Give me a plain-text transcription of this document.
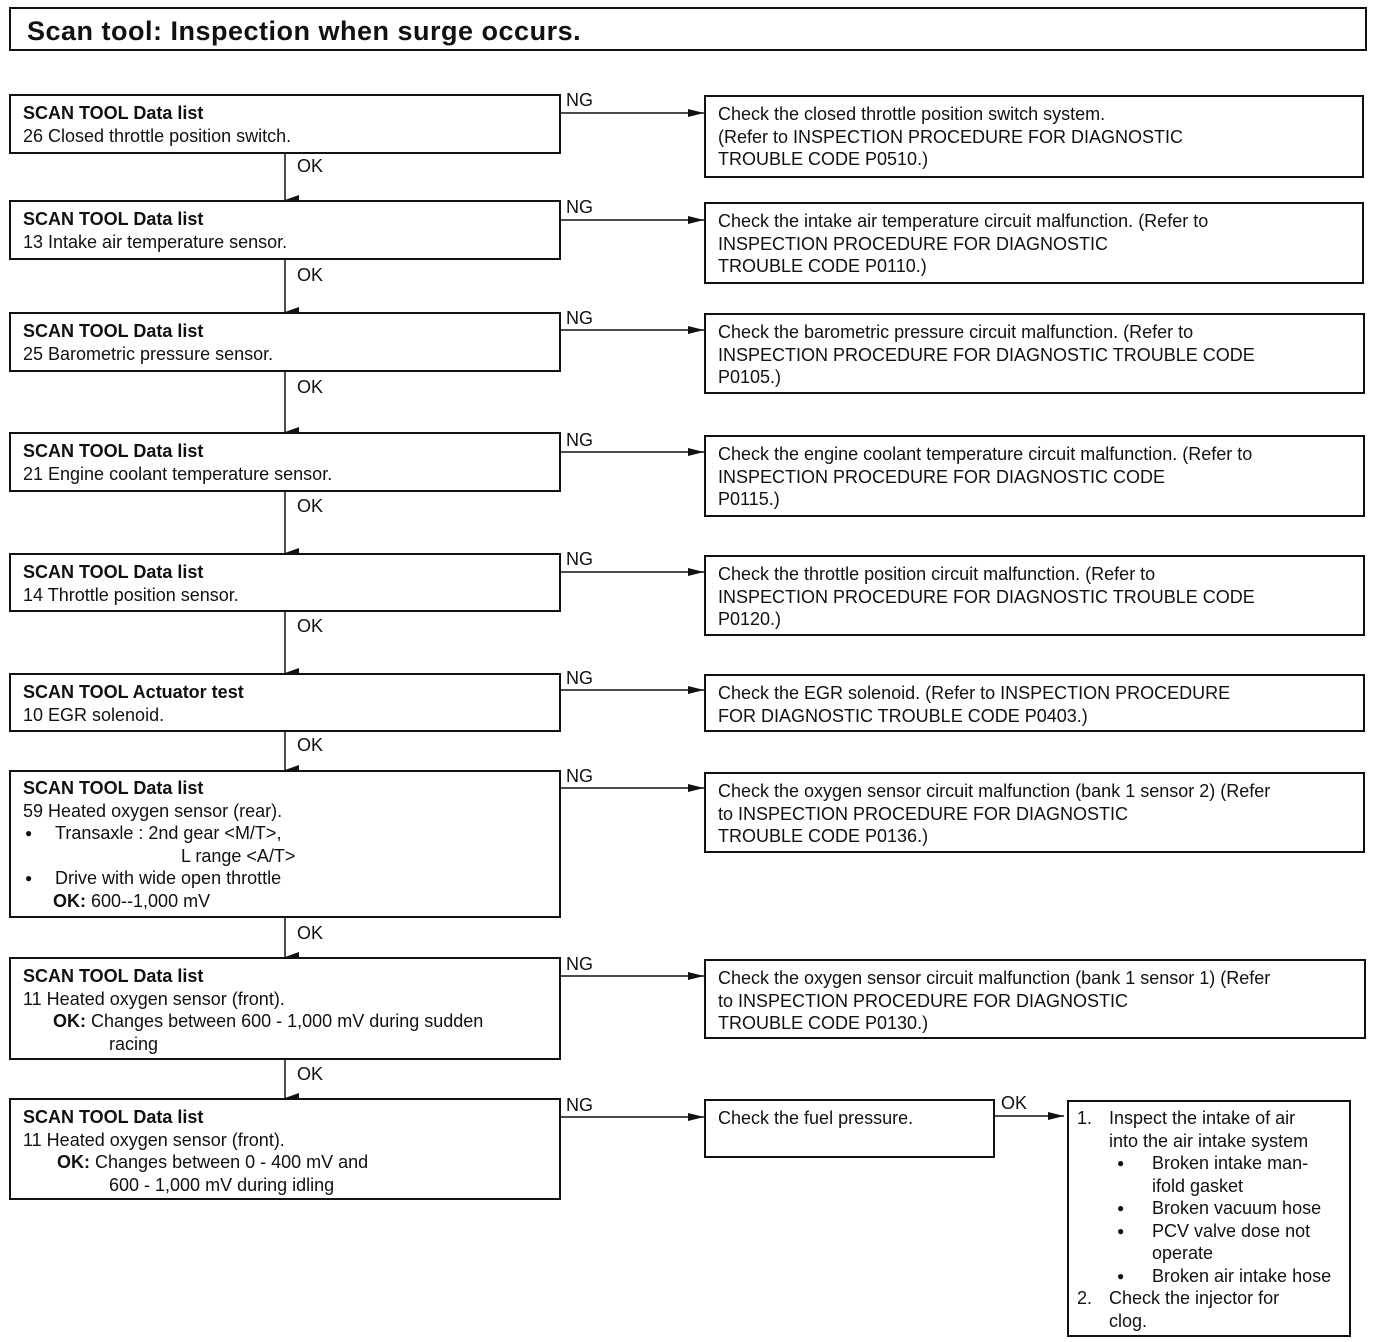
Scan tool: Inspection when surge occurs.
NG
NG
NG
NG
NG
NG
NG
NG
NG
OK
OK
OK
OK
OK
OK
OK
OK
OK
SCAN TOOL Data list
26 Closed throttle position switch.
Check the closed throttle position switch system.
(Refer to INSPECTION PROCEDURE FOR DIAGNOSTIC
TROUBLE CODE P0510.)
SCAN TOOL Data list
13 Intake air temperature sensor.
Check the intake air temperature circuit malfunction. (Refer to
INSPECTION PROCEDURE FOR DIAGNOSTIC
TROUBLE CODE P0110.)
SCAN TOOL Data list
25 Barometric pressure sensor.
Check the barometric pressure circuit malfunction. (Refer to
INSPECTION PROCEDURE FOR DIAGNOSTIC TROUBLE CODE
P0105.)
SCAN TOOL Data list
21 Engine coolant temperature sensor.
Check the engine coolant temperature circuit malfunction. (Refer to
INSPECTION PROCEDURE FOR DIAGNOSTIC CODE
P0115.)
SCAN TOOL Data list
14 Throttle position sensor.
Check the throttle position circuit malfunction. (Refer to
INSPECTION PROCEDURE FOR DIAGNOSTIC TROUBLE CODE
P0120.)
SCAN TOOL Actuator test
10 EGR solenoid.
Check the EGR solenoid. (Refer to INSPECTION PROCEDURE
FOR DIAGNOSTIC TROUBLE CODE P0403.)
SCAN TOOL Data list
59 Heated oxygen sensor (rear).
● Transaxle : 2nd gear <M/T>,
L range <A/T>
● Drive with wide open throttle
OK: 600--1,000 mV
Check the oxygen sensor circuit malfunction (bank 1 sensor 2) (Refer
to INSPECTION PROCEDURE FOR DIAGNOSTIC
TROUBLE CODE P0136.)
SCAN TOOL Data list
11 Heated oxygen sensor (front).
OK: Changes between 600 - 1,000 mV during sudden
racing
Check the oxygen sensor circuit malfunction (bank 1 sensor 1) (Refer
to INSPECTION PROCEDURE FOR DIAGNOSTIC
TROUBLE CODE P0130.)
SCAN TOOL Data list
11 Heated oxygen sensor (front).
OK: Changes between 0 - 400 mV and
600 - 1,000 mV during idling
Check the fuel pressure.	1. Inspect the intake of air
into the air intake system
● Broken intake man-
ifold gasket
● Broken vacuum hose
● PCV valve dose not
operate
● Broken air intake hose
2. Check the injector for
clog.
